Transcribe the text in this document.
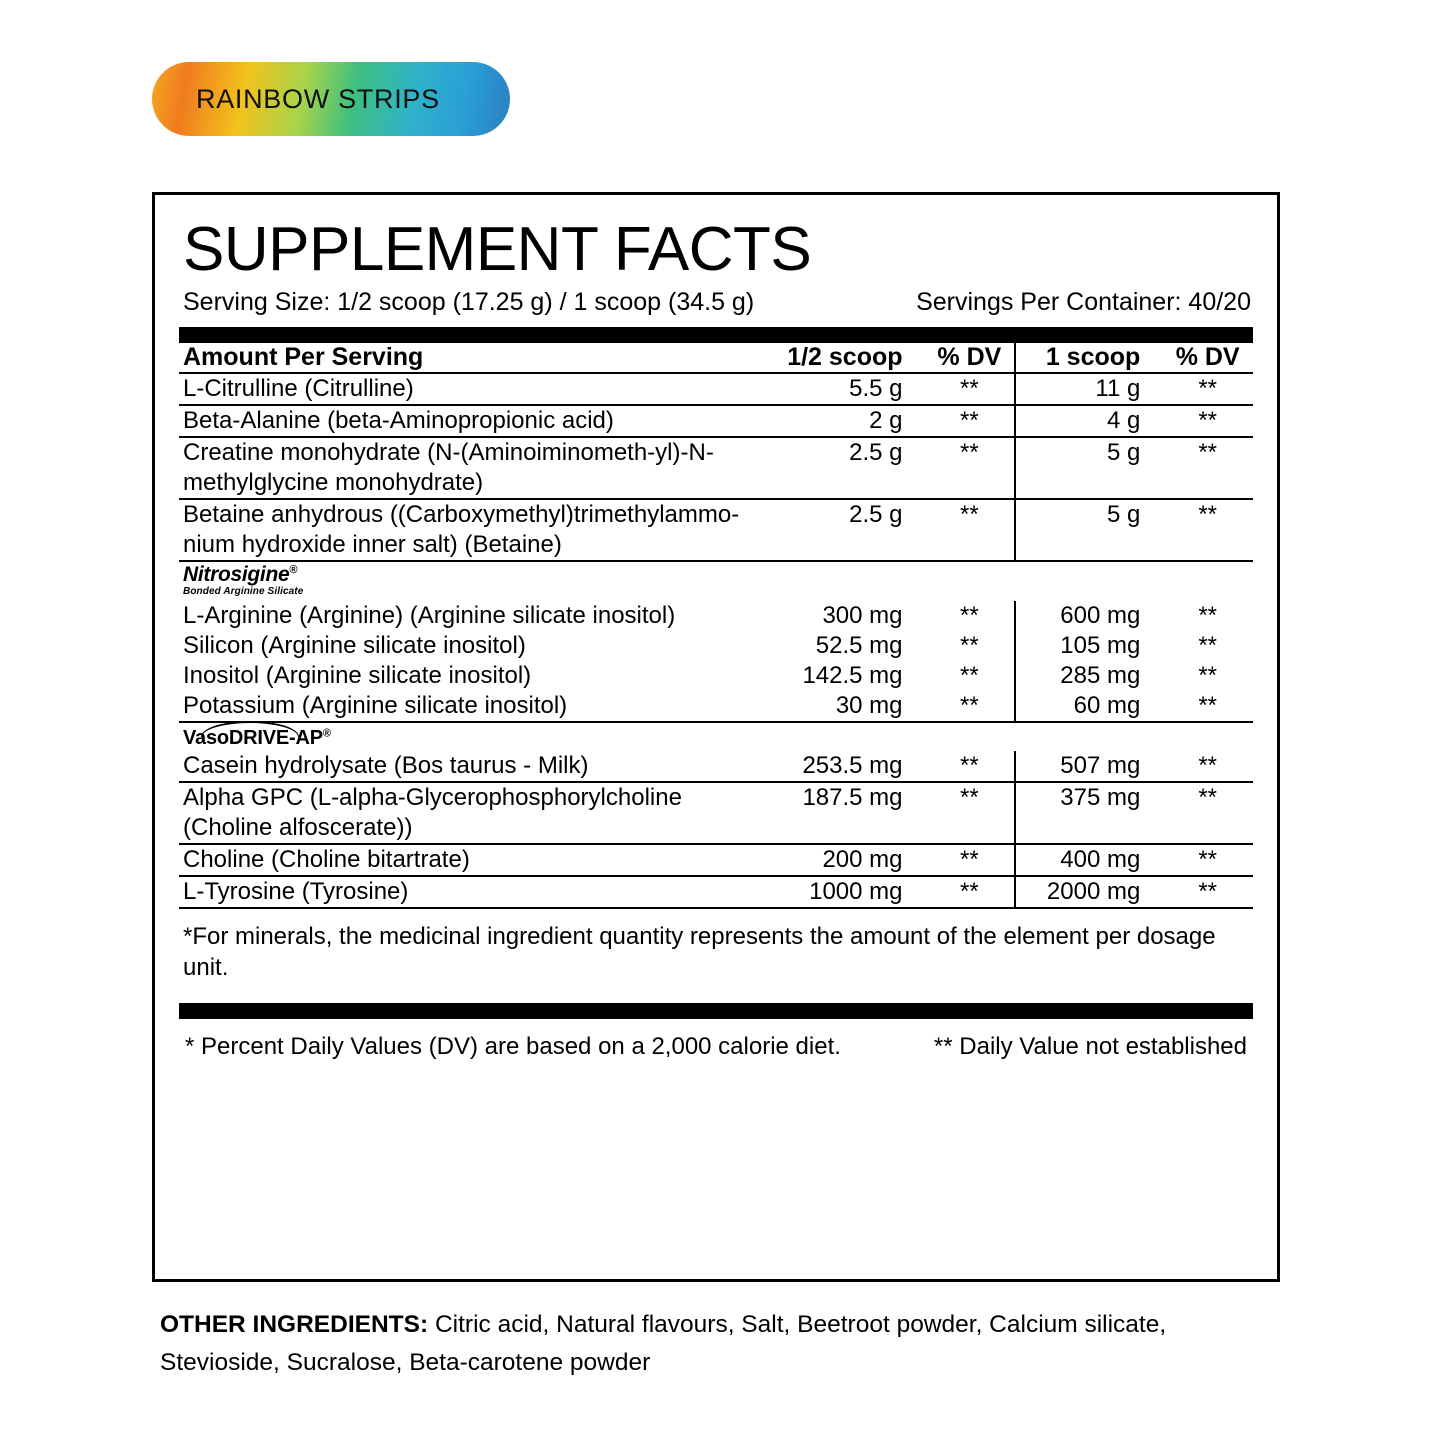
RAINBOW STRIPS
SUPPLEMENT FACTS
Serving Size: 1/2 scoop (17.25 g) / 1 scoop (34.5 g)	Servings Per Container: 40/20
Amount Per Serving	1/2 scoop	% DV	1 scoop	% DV
L-Citrulline (Citrulline)	5.5 g	**	11 g	**
Beta-Alanine (beta-Aminopropionic acid)	2 g	**	4 g	**
Creatine monohydrate (N-(Aminoiminometh-yl)-N-methylglycine monohydrate)	2.5 g	**	5 g	**
Betaine anhydrous ((Carboxymethyl)trimethylammo-nium hydroxide inner salt) (Betaine)	2.5 g	**	5 g	**
Nitrosigine®
Bonded Arginine Silicate				

L-Arginine (Arginine) (Arginine silicate inositol)	300 mg	**	600 mg	**
Silicon (Arginine silicate inositol)	52.5 mg	**	105 mg	**
Inositol (Arginine silicate inositol)	142.5 mg	**	285 mg	**
Potassium (Arginine silicate inositol)	30 mg	**	60 mg	**

VasoDRIVE-AP®
Casein hydrolysate (Bos taurus - Milk)	253.5 mg	**	507 mg	**
Alpha GPC (L-alpha-Glycerophosphorylcholine (Choline alfoscerate))	187.5 mg	**	375 mg	**
Choline (Choline bitartrate)	200 mg	**	400 mg	**
L-Tyrosine (Tyrosine)	1000 mg	**	2000 mg	**
*For minerals, the medicinal ingredient quantity represents the amount of the element per dosage unit.
* Percent Daily Values (DV) are based on a 2,000 calorie diet.	** Daily Value not established
OTHER INGREDIENTS: Citric acid, Natural flavours, Salt, Beetroot powder, Calcium silicate, Stevioside, Sucralose, Beta-carotene powder
